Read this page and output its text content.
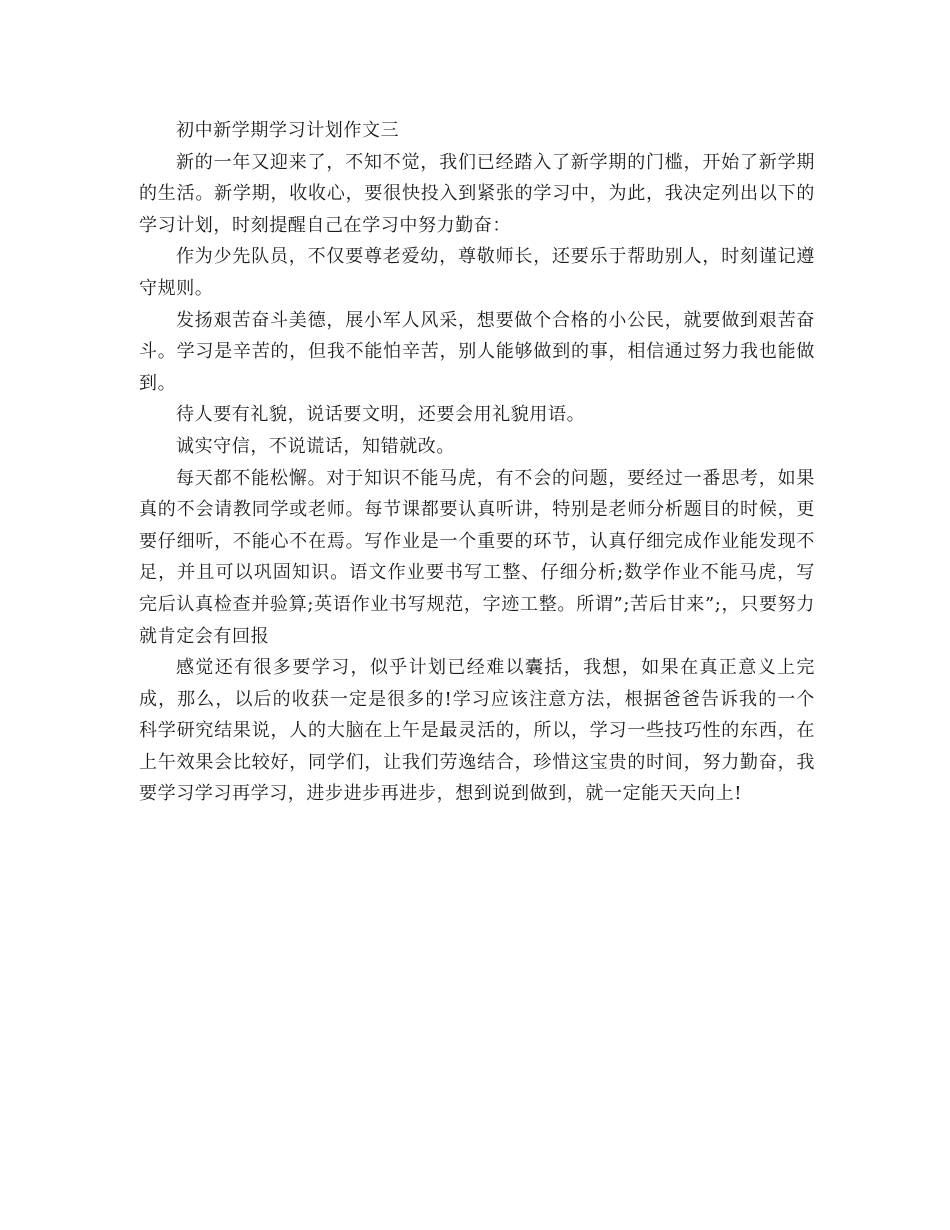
初中新学期学习计划作文三

新的一年又迎来了，不知不觉，我们已经踏入了新学期的门槛，开始了新学期的生活。新学期，收收心，要很快投入到紧张的学习中，为此，我决定列出以下的学习计划，时刻提醒自己在学习中努力勤奋：

作为少先队员，不仅要尊老爱幼，尊敬师长，还要乐于帮助别人，时刻谨记遵守规则。

发扬艰苦奋斗美德，展小军人风采，想要做个合格的小公民，就要做到艰苦奋斗。学习是辛苦的，但我不能怕辛苦，别人能够做到的事，相信通过努力我也能做到。

待人要有礼貌，说话要文明，还要会用礼貌用语。

诚实守信，不说谎话，知错就改。

每天都不能松懈。对于知识不能马虎，有不会的问题，要经过一番思考，如果真的不会请教同学或老师。每节课都要认真听讲，特别是老师分析题目的时候，更要仔细听，不能心不在焉。写作业是一个重要的环节，认真仔细完成作业能发现不足，并且可以巩固知识。语文作业要书写工整、仔细分析;数学作业不能马虎，写完后认真检查并验算;英语作业书写规范，字迹工整。所谓”;苦后甘来”;，只要努力就肯定会有回报

感觉还有很多要学习，似乎计划已经难以囊括，我想，如果在真正意义上完成，那么，以后的收获一定是很多的!学习应该注意方法，根据爸爸告诉我的一个科学研究结果说，人的大脑在上午是最灵活的，所以，学习一些技巧性的东西，在上午效果会比较好，同学们，让我们劳逸结合，珍惜这宝贵的时间，努力勤奋，我要学习学习再学习，进步进步再进步，想到说到做到，就一定能天天向上!
